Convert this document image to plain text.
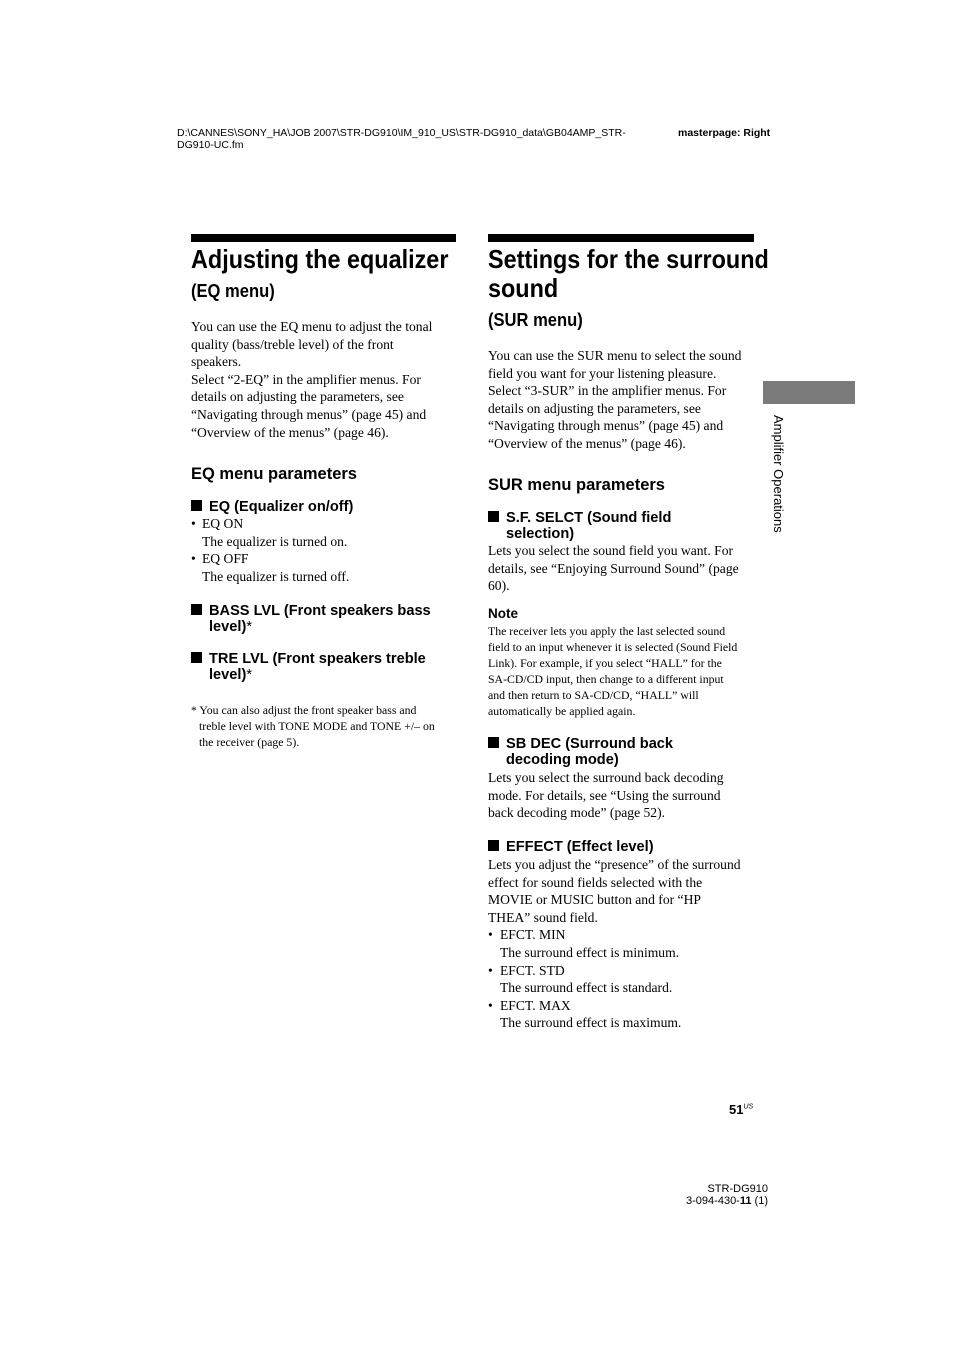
D:\CANNES\SONY_HA\JOB 2007\STR-DG910\IM_910_US\STR-DG910_data\GB04AMP_STR-
DG910-UC.fm
masterpage: Right
Adjusting the equalizer
(EQ menu)
You can use the EQ menu to adjust the tonal
quality (bass/treble level) of the front
speakers.
Select “2-EQ” in the amplifier menus. For
details on adjusting the parameters, see
“Navigating through menus” (page 45) and
“Overview of the menus” (page 46).
EQ menu parameters
EQ (Equalizer on/off)
• EQ ON
The equalizer is turned on.
• EQ OFF
The equalizer is turned off.
BASS LVL (Front speakers bass
level)*
TRE LVL (Front speakers treble
level)*
* You can also adjust the front speaker bass and
treble level with TONE MODE and TONE +/– on
the receiver (page 5).
Settings for the surround
sound
(SUR menu)
You can use the SUR menu to select the sound
field you want for your listening pleasure.
Select “3-SUR” in the amplifier menus. For
details on adjusting the parameters, see
“Navigating through menus” (page 45) and
“Overview of the menus” (page 46).
SUR menu parameters
S.F. SELCT (Sound field
selection)
Lets you select the sound field you want. For
details, see “Enjoying Surround Sound” (page
60).
Note
The receiver lets you apply the last selected sound
field to an input whenever it is selected (Sound Field
Link). For example, if you select “HALL” for the
SA-CD/CD input, then change to a different input
and then return to SA-CD/CD, “HALL” will
automatically be applied again.
SB DEC (Surround back
decoding mode)
Lets you select the surround back decoding
mode. For details, see “Using the surround
back decoding mode” (page 52).
EFFECT (Effect level)
Lets you adjust the “presence” of the surround
effect for sound fields selected with the
MOVIE or MUSIC button and for “HP
THEA” sound field.
• EFCT. MIN
The surround effect is minimum.
• EFCT. STD
The surround effect is standard.
• EFCT. MAX
The surround effect is maximum.
Amplifier Operations
$51^{US}$
STR-DG910
3-094-430-11 (1)
